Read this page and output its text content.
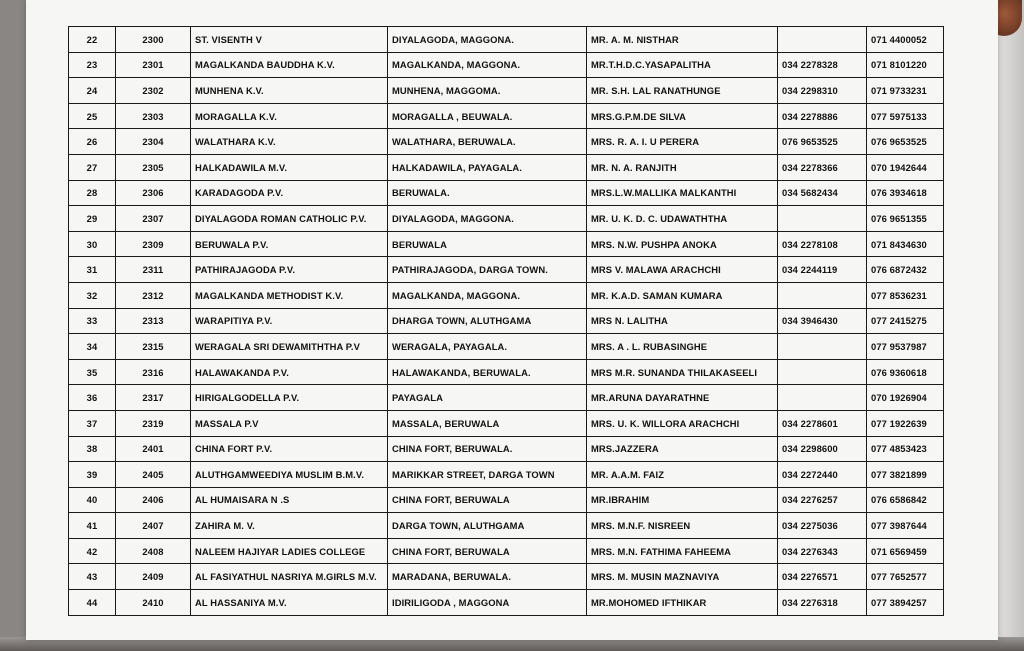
22	2300	ST. VISENTH V	DIYALAGODA, MAGGONA.	MR. A. M. NISTHAR		071 4400052
23	2301	MAGALKANDA BAUDDHA K.V.	MAGALKANDA, MAGGONA.	MR.T.H.D.C.YASAPALITHA	034 2278328	071 8101220
24	2302	MUNHENA K.V.	MUNHENA, MAGGOMA.	MR. S.H. LAL RANATHUNGE	034 2298310	071 9733231
25	2303	MORAGALLA K.V.	MORAGALLA , BEUWALA.	MRS.G.P.M.DE SILVA	034 2278886	077 5975133
26	2304	WALATHARA K.V.	WALATHARA, BERUWALA.	MRS. R. A. I. U PERERA	076 9653525	076 9653525
27	2305	HALKADAWILA M.V.	HALKADAWILA, PAYAGALA.	MR. N. A. RANJITH	034 2278366	070 1942644
28	2306	KARADAGODA P.V.	BERUWALA.	MRS.L.W.MALLIKA MALKANTHI	034 5682434	076 3934618
29	2307	DIYALAGODA ROMAN CATHOLIC P.V.	DIYALAGODA, MAGGONA.	MR. U. K. D. C. UDAWATHTHA		076 9651355
30	2309	BERUWALA P.V.	BERUWALA	MRS. N.W. PUSHPA ANOKA	034 2278108	071 8434630
31	2311	PATHIRAJAGODA P.V.	PATHIRAJAGODA, DARGA TOWN.	MRS V. MALAWA ARACHCHI	034 2244119	076 6872432
32	2312	MAGALKANDA METHODIST K.V.	MAGALKANDA, MAGGONA.	MR. K.A.D. SAMAN KUMARA		077 8536231
33	2313	WARAPITIYA P.V.	DHARGA TOWN, ALUTHGAMA	MRS N. LALITHA	034 3946430	077 2415275
34	2315	WERAGALA SRI DEWAMITHTHA P.V	WERAGALA, PAYAGALA.	MRS. A . L. RUBASINGHE		077 9537987
35	2316	HALAWAKANDA P.V.	HALAWAKANDA, BERUWALA.	MRS M.R. SUNANDA THILAKASEELI		076 9360618
36	2317	HIRIGALGODELLA P.V.	PAYAGALA	MR.ARUNA DAYARATHNE		070 1926904
37	2319	MASSALA P.V	MASSALA, BERUWALA	MRS. U. K. WILLORA ARACHCHI	034 2278601	077 1922639
38	2401	CHINA FORT P.V.	CHINA FORT, BERUWALA.	MRS.JAZZERA	034 2298600	077 4853423
39	2405	ALUTHGAMWEEDIYA MUSLIM B.M.V.	MARIKKAR STREET, DARGA TOWN	MR. A.A.M. FAIZ	034 2272440	077 3821899
40	2406	AL HUMAISARA N .S	CHINA FORT, BERUWALA	MR.IBRAHIM	034 2276257	076 6586842
41	2407	ZAHIRA M. V.	DARGA TOWN, ALUTHGAMA	MRS. M.N.F. NISREEN	034 2275036	077 3987644
42	2408	NALEEM HAJIYAR LADIES COLLEGE	CHINA FORT, BERUWALA	MRS. M.N. FATHIMA FAHEEMA	034 2276343	071 6569459
43	2409	AL FASIYATHUL NASRIYA M.GIRLS M.V.	MARADANA, BERUWALA.	MRS. M. MUSIN MAZNAVIYA	034 2276571	077 7652577
44	2410	AL HASSANIYA M.V.	IDIRILIGODA , MAGGONA	MR.MOHOMED IFTHIKAR	034 2276318	077 3894257
